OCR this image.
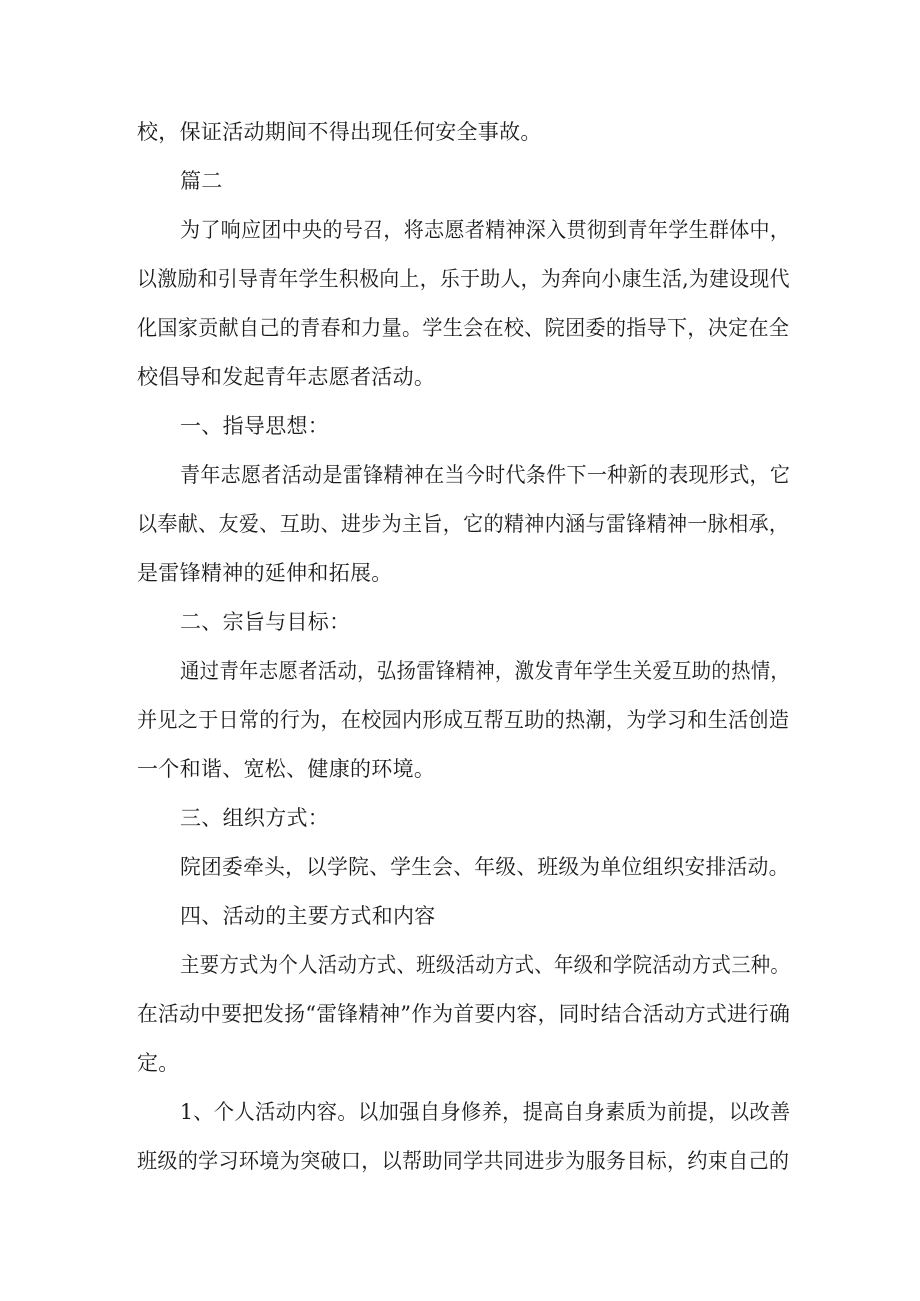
校，保证活动期间不得出现任何安全事故。
篇二
为了响应团中央的号召，将志愿者精神深入贯彻到青年学生群体中，
以激励和引导青年学生积极向上，乐于助人，为奔向小康生活,为建设现代
化国家贡献自己的青春和力量。学生会在校、院团委的指导下，决定在全
校倡导和发起青年志愿者活动。
一、指导思想：
青年志愿者活动是雷锋精神在当今时代条件下一种新的表现形式，它
以奉献、友爱、互助、进步为主旨，它的精神内涵与雷锋精神一脉相承，
是雷锋精神的延伸和拓展。
二、宗旨与目标：
通过青年志愿者活动，弘扬雷锋精神，激发青年学生关爱互助的热情，
并见之于日常的行为，在校园内形成互帮互助的热潮，为学习和生活创造
一个和谐、宽松、健康的环境。
三、组织方式：
院团委牵头，以学院、学生会、年级、班级为单位组织安排活动。
四、活动的主要方式和内容
主要方式为个人活动方式、班级活动方式、年级和学院活动方式三种。
在活动中要把发扬“雷锋精神”作为首要内容，同时结合活动方式进行确
定。
1、个人活动内容。以加强自身修养，提高自身素质为前提，以改善
班级的学习环境为突破口，以帮助同学共同进步为服务目标，约束自己的
